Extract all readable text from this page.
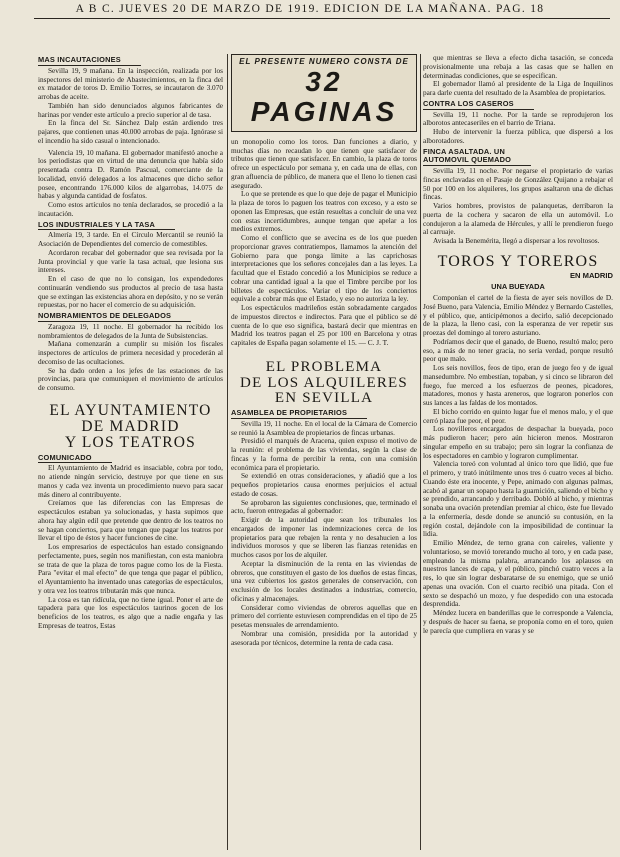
A B C. JUEVES 20 DE MARZO DE 1919. EDICION DE LA MAÑANA. PAG. 18
MAS INCAUTACIONES

Sevilla 19, 9 mañana. En la inspección, realizada por los inspectores del ministerio de Abastecimientos, en la finca del ex matador de toros D. Emilio Torres, se incautaron de 3.070 arrobas de aceite.

También han sido denunciados algunos fabricantes de harinas por vender este artículo a precio superior al de tasa.

En la finca del Sr. Sánchez Dalp están ardiendo tres pajares, que contienen unas 40.000 arrobas de paja. Ignórase si el incendio ha sido casual o intencionado.

Valencia 19, 10 mañana. El gobernador manifestó anoche a los periodistas que en virtud de una denuncia que había sido presentada contra D. Ramón Pascual, comerciante de la localidad, envió delegados a los almacenes que dicho señor posee, encontrando 176.000 kilos de algarrobas, 14.075 de habas y algunda cantidad de fosfatos.

Como estos artículos no tenía declarados, se procedió a la incautación.

LOS INDUSTRIALES Y LA TASA

Almería 19, 3 tarde. En el Círculo Mercantil se reunió la Asociación de Dependientes del comercio de comestibles.

Acordaron recabar del gobernador que sea revisada por la Junta provincial y que varíe la tasa actual, que lesiona sus intereses.

En el caso de que no lo consigan, los expendedores continuarán vendiendo sus productos al precio de tasa hasta que se extingan las existencias ahora en depósito, y no se verán repuestas, por no hacer el comercio de su adquisición.

NOMBRAMIENTOS DE DELEGADOS

Zaragoza 19, 11 noche. El gobernador ha recibido los nombramientos de delegados de la Junta de Subsistencias.

Mañana comenzarán a cumplir su misión los fiscales inspectores de artículos de primera necesidad y procederán al decomiso de las ocultaciones.

Se ha dado orden a los jefes de las estaciones de las provincias, para que comuniquen el movimiento de artículos de consumo.

EL AYUNTAMIENTO
DE MADRID
Y LOS TEATROS
COMUNICADO

El Ayuntamiento de Madrid es insaciable, cobra por todo, no atiende ningún servicio, destruye por que tiene en sus manos y cada vez inventa un procedimiento nuevo para sacar más dinero al contribuyente.

Creíamos que las diferencias con las Empresas de espectáculos estaban ya solucionadas, y hasta supimos que ahora hay algún edil que pretende que dentro de los teatros no se hagan conciertos, para que tengan que pagar los teatros por llevar el tipo de éstos y hacer funciones de cine.

Los empresarios de espectáculos han estado consignando perfectamente, pues, según nos manifiestan, con esta maniobra se trata de que la plaza de toros pague como los de la Fiesta. Para "evitar el mal efecto" de que tenga que pagar el público, el Ayuntamiento ha inventado unas categorías de espectáculos, y otra vez los teatros tributarán más que nunca.

La cosa es tan ridícula, que no tiene igual. Poner el arte de tapadera para que los espectáculos taurinos gocen de los beneficios de los teatros, es algo que a nadie engaña y las Empresas de teatros, Estas

EL PRESENTE NUMERO CONSTA DE
32 PAGINAS

un monopolio como los toros. Dan funciones a diario, y muchas días no recaudan lo que tienen que satisfacer de tributos que tienen que satisfacer. En cambio, la plaza de toros ofrece un espectáculo por semana y, en cada una de ellas, con gran afluencia de público, de manera que el lleno lo tienen casi asegurado.

Lo que se pretende es que lo que deje de pagar el Municipio la plaza de toros lo paguen los teatros con exceso, y a esto se oponen las Empresas, que están resueltas a concluir de una vez con estas incertidumbres, aunque tengan que apelar a los medios extremos.

Como el conflicto que se avecina es de los que pueden proporcionar graves contratiempos, llamamos la atención del Gobierno para que ponga límite a las caprichosas interpretaciones que los señores concejales dan a las leyes. La facultad que el Estado concedió a los Municipios se reduce a cobrar una cantidad igual a la que el Timbre percibe por los billetes de espectáculos. Variar el tipo de los conciertos equivale a cobrar más que el Estado, y eso no autoriza la ley.

Los espectáculos madrileños están sobradamente cargados de impuestos directos e indirectos. Para que el público se dé cuenta de lo que eso significa, bastará decir que mientras en Madrid los teatros pagan el 25 por 100 en Barcelona y otras capitales de España pagan solamente el 15. — C. J. T.

EL PROBLEMA
DE LOS ALQUILERES
EN SEVILLA
ASAMBLEA DE PROPIETARIOS

Sevilla 19, 11 noche. En el local de la Cámara de Comercio se reunió la Asamblea de propietarios de fincas urbanas.

Presidió el marqués de Aracena, quien expuso el motivo de la reunión: el problema de las viviendas, según la clase de fincas y la forma de percibir la renta, con una comisión económica para el propietario.

Se extendió en otras consideraciones, y añadió que a los pequeños propietarios causa enormes perjuicios el actual estado de cosas.

Se aprobaron las siguientes conclusiones, que, terminado el acto, fueron entregadas al gobernador:

Exigir de la autoridad que sean los tribunales los encargados de imponer las indemnizaciones cerca de los propietarios para que rebajen la renta y no desahucien a los individuos morosos y que se liberen las fianzas retenidas en muchos casos por los de alquiler.

Aceptar la disminución de la renta en las viviendas de obreros, que constituyen el gasto de los dueños de estas fincas, una vez cubiertos los gastos generales de conservación, con exclusión de los locales destinados a industrias, comercio, oficinas y almacenajes.

Considerar como viviendas de obreros aquellas que en primero del corriente estuviesen comprendidas en el tipo de 25 pesetas mensuales de arrendamiento.

Nombrar una comisión, presidida por la autoridad y asesorada por técnicos, determine la renta de cada casa.

que mientras se lleva a efecto dicha tasación, se conceda provisionalmente una rebaja a las casas que se hallen en determinadas condiciones, que se especifican.

El gobernador llamó al presidente de la Liga de Inquilinos para darle cuenta del resultado de la Asamblea de propietarios.

CONTRA LOS CASEROS

Sevilla 19, 11 noche. Por la tarde se reprodujeron los alborotos antecaseriles en el barrio de Triana.

Hubo de intervenir la fuerza pública, que dispersó a los alborotadores.

FINCA ASALTADA. UN
AUTOMOVIL QUEMADO

Sevilla 19, 11 noche. Por negarse el propietario de varias fincas enclavadas en el Pasaje de González Quijano a rebajar el 50 por 100 en los alquileres, los grupos asaltaron una de dichas fincas.

Varios hombres, provistos de palanquetas, derribaron la puerta de la cochera y sacaron de ella un automóvil. Lo condujeron a la alameda de Hércules, y allí le prendieron fuego al carruaje.

Avisada la Benemérita, llegó a dispersar a los revoltosos.

TOROS Y TOREROS
EN MADRID
UNA BUEYADA

Componían el cartel de la fiesta de ayer seis novillos de D. José Bueno, para Valencia, Emilio Méndez y Bernardo Castelles, y el público, que, anticipémonos a decirlo, salió decepcionado de la plaza, la lleno casi, con la esperanza de ver repetir sus proezas del domingo al torero asturiano.

Podríamos decir que el ganado, de Bueno, resultó malo; pero eso, a más de no tener gracia, no sería verdad, porque resultó peor que malo.

Los seis novillos, feos de tipo, eran de juego feo y de igual mansedumbre. No embestían, topaban, y si cinco se libraron del fuego, fue merced a los esfuerzos de peones, picadores, matadores, monos y hasta areneros, que lograron ponerlos con sus lances a las faldas de los montados.

El bicho corrido en quinto lugar fue el menos malo, y el que cerró plaza fue peor, el peor.

Los novilleros encargados de despachar la bueyada, poco más pudieron hacer; pero aún hicieron menos. Mostraron singular empeño en su trabajo; pero sin lograr la confianza de los espectadores en cambio y lograron cumplimentar.

Valencia toreó con voluntad al único toro que lidió, que fue el primero, y trató inútilmente unos tres ó cuatro veces al bicho. Cuando éste era inocente, y Pepe, animado con algunas palmas, acabó al ganar un sopapo hasta la guarnición, saliendo el bicho y se prendido, arrancando y derribado. Dobló al bicho, y mientras sonaba una ovación pretendían premiar al chico, éste fue llevado a la enfermería, desde donde se anunció su contusión, en la región costal, dejándole con la imposibilidad de continuar la lidia.

Emilio Méndez, de terno grana con caireles, valiente y voluntarioso, se movió torerando mucho al toro, y en cada pase, empleando la misma palabra, arrancando los aplausos en nuestros lances de capa, y el público, pinchó cuatro veces a la res, lo que sin lograr desbaratarse de su enemigo, que se unió apenas una ovación. Con el cuarto recibió una pitada. Con el sexto se despachó un mozo, y fue despedido con una estocada desprendida.

Méndez lucera en banderillas que le corresponde a Valencia, y después de hacer su faena, se proponía como en el toro, quien le parecía que cumpliera en varas y se
